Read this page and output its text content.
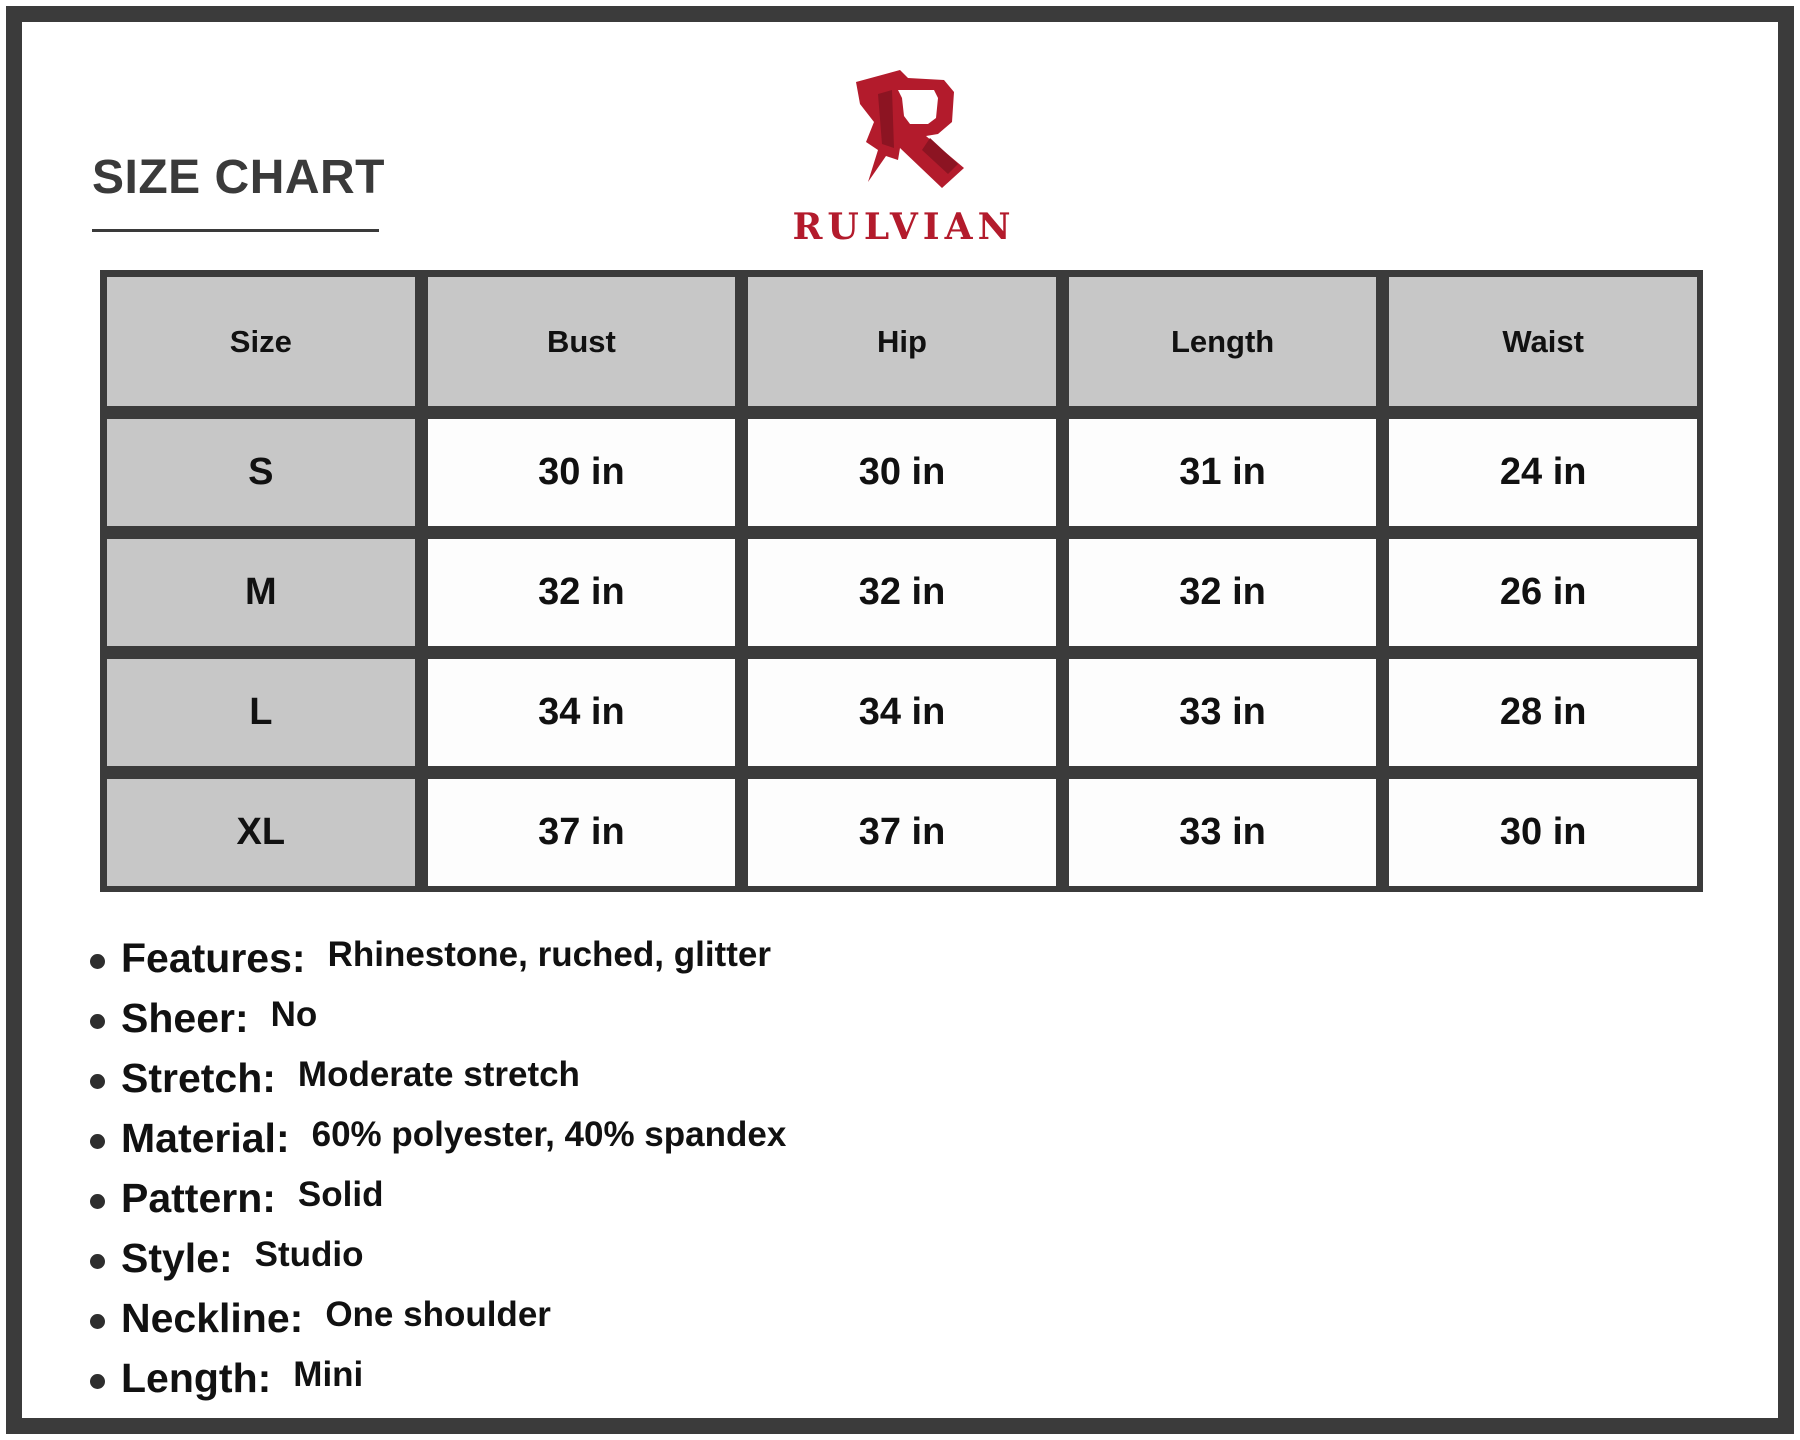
SIZE CHART
RULVIAN
Size	Bust	Hip	Length	Waist
S	30 in	30 in	31 in	24 in
M	32 in	32 in	32 in	26 in
L	34 in	34 in	33 in	28 in
XL	37 in	37 in	33 in	30 in
Features: Rhinestone, ruched, glitter
Sheer: No
Stretch: Moderate stretch
Material: 60% polyester, 40% spandex
Pattern: Solid
Style: Studio
Neckline: One shoulder
Length: Mini
